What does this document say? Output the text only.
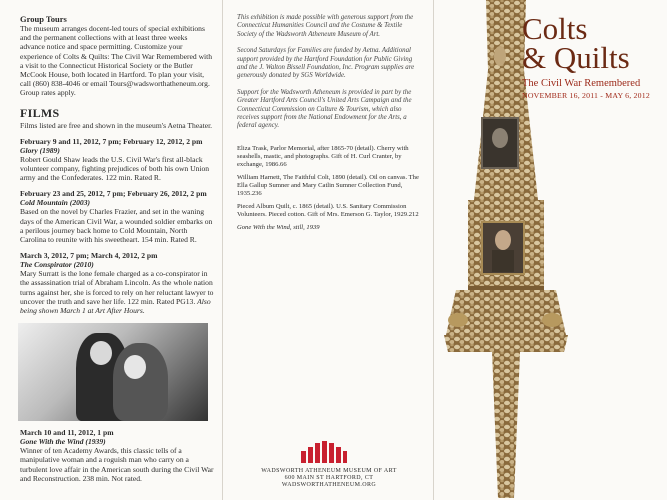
Group Tours

The museum arranges docent-led tours of special exhibitions and the permanent collections with at least three weeks advance notice and space permitting. Customize your experience of Colts & Quilts: The Civil War Remembered with a visit to the Connecticut Historical Society or the Butler McCook House, both located in Hartford. To plan your visit, call (860) 838-4046 or email Tours@wadsworthatheneum.org. Group rates apply.

FILMS

Films listed are free and shown in the museum's Aetna Theater.

February 9 and 11, 2012, 7 pm; February 12, 2012, 2 pm

Glory (1989)

Robert Gould Shaw leads the U.S. Civil War's first all-black volunteer company, fighting prejudices of both his own Union army and the Confederates. 122 min. Rated R.

February 23 and 25, 2012, 7 pm; February 26, 2012, 2 pm

Cold Mountain (2003)

Based on the novel by Charles Frazier, and set in the waning days of the American Civil War, a wounded soldier embarks on a perilous journey back home to Cold Mountain, North Carolina to reunite with his sweetheart. 154 min. Rated R.

March 3, 2012, 7 pm; March 4, 2012, 2 pm

The Conspirator (2010)

Mary Surratt is the lone female charged as a co-conspirator in the assassination trial of Abraham Lincoln. As the whole nation turns against her, she is forced to rely on her reluctant lawyer to uncover the truth and save her life. 122 min. Rated PG13. Also being shown March 1 at Art After Hours.

March 10 and 11, 2012, 1 pm

Gone With the Wind (1939)

Winner of ten Academy Awards, this classic tells of a manipulative woman and a roguish man who carry on a turbulent love affair in the American south during the Civil War and Reconstruction. 238 min. Not rated.

This exhibition is made possible with generous support from the Connecticut Humanities Council and the Costume & Textile Society of the Wadsworth Atheneum Museum of Art.

Second Saturdays for Families are funded by Aetna. Additional support provided by the Hartford Foundation for Public Giving and the J. Walton Bissell Foundation, Inc. Program supplies are generously donated by SGS Worldwide.

Support for the Wadsworth Atheneum is provided in part by the Greater Hartford Arts Council's United Arts Campaign and the Connecticut Commission on Culture & Tourism, which also receives support from the National Endowment for the Arts, a federal agency.

Eliza Trask, Parlor Memorial, after 1865-70 (detail). Cherry with seashells, mastic, and photographs. Gift of H. Curl Cranter, by exchange, 1986.66

William Harnett, The Faithful Colt, 1890 (detail). Oil on canvas. The Ella Gallup Sumner and Mary Catlin Sumner Collection Fund, 1935.236

Pieced Album Quilt, c. 1865 (detail). U.S. Sanitary Commission Volunteers. Pieced cotton. Gift of Mrs. Emerson G. Taylor, 1929.212

Gone With the Wind, still, 1939

WADSWORTH ATHENEUM MUSEUM OF ART
600 MAIN ST HARTFORD, CT
WADSWORTHATHENEUM.ORG
Colts
& Quilts

The Civil War Remembered

NOVEMBER 16, 2011 - MAY 6, 2012
